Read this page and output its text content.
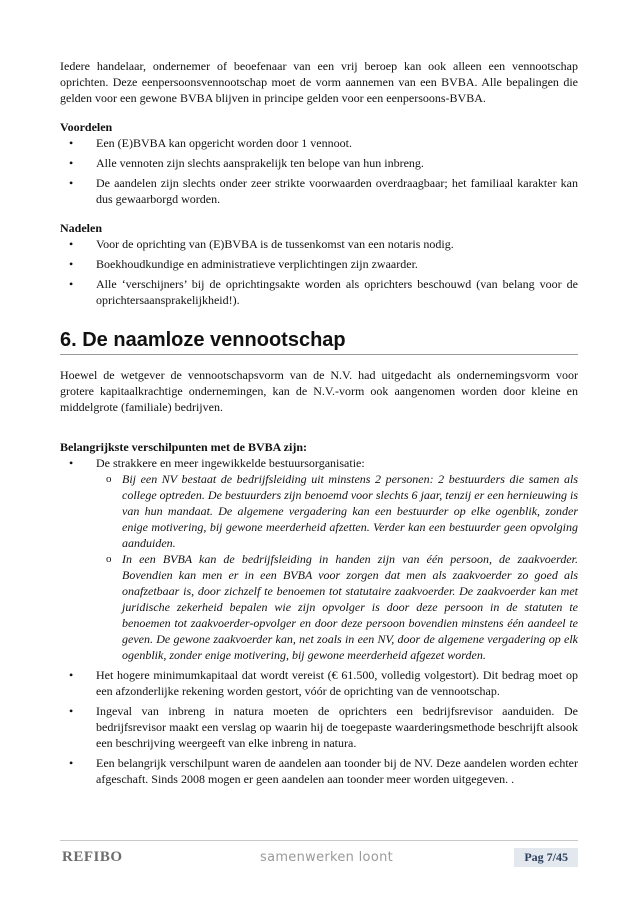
Iedere handelaar, ondernemer of beoefenaar van een vrij beroep kan ook alleen een vennootschap oprichten. Deze eenpersoonsvennootschap moet de vorm aannemen van een BVBA. Alle bepalingen die gelden voor een gewone BVBA blijven in principe gelden voor een eenpersoons-BVBA.

Voordelen

• Een (E)BVBA kan opgericht worden door 1 vennoot.
• Alle vennoten zijn slechts aansprakelijk ten belope van hun inbreng.
• De aandelen zijn slechts onder zeer strikte voorwaarden overdraagbaar; het familiaal karakter kan dus gewaarborgd worden.

Nadelen

• Voor de oprichting van (E)BVBA is de tussenkomst van een notaris nodig.
• Boekhoudkundige en administratieve verplichtingen zijn zwaarder.
• Alle ‘verschijners’ bij de oprichtingsakte worden als oprichters beschouwd (van belang voor de oprichtersaansprakelijkheid!).
6. De naamloze vennootschap

Hoewel de wetgever de vennootschapsvorm van de N.V. had uitgedacht als ondernemingsvorm voor grotere kapitaalkrachtige ondernemingen, kan de N.V.-vorm ook aangenomen worden door kleine en middelgrote (familiale) bedrijven.

Belangrijkste verschilpunten met de BVBA zijn:

• De strakkere en meer ingewikkelde bestuursorganisatie:
o Bij een NV bestaat de bedrijfsleiding uit minstens 2 personen: 2 bestuurders die samen als college optreden. De bestuurders zijn benoemd voor slechts 6 jaar, tenzij er een hernieuwing is van hun mandaat. De algemene vergadering kan een bestuurder op elke ogenblik, zonder enige motivering, bij gewone meerderheid afzetten. Verder kan een bestuurder geen opvolging aanduiden.
o In een BVBA kan de bedrijfsleiding in handen zijn van één persoon, de zaakvoerder. Bovendien kan men er in een BVBA voor zorgen dat men als zaakvoerder zo goed als onafzetbaar is, door zichzelf te benoemen tot statutaire zaakvoerder. De zaakvoerder kan met juridische zekerheid bepalen wie zijn opvolger is door deze persoon in de statuten te benoemen tot zaakvoerder-opvolger en door deze persoon bovendien minstens één aandeel te geven. De gewone zaakvoerder kan, net zoals in een NV, door de algemene vergadering op elk ogenblik, zonder enige motivering, bij gewone meerderheid afgezet worden.
• Het hogere minimumkapitaal dat wordt vereist (€ 61.500, volledig volgestort). Dit bedrag moet op een afzonderlijke rekening worden gestort, vóór de oprichting van de vennootschap.
• Ingeval van inbreng in natura moeten de oprichters een bedrijfsrevisor aanduiden. De bedrijfsrevisor maakt een verslag op waarin hij de toegepaste waarderingsmethode beschrijft alsook een beschrijving weergeeft van elke inbreng in natura.
• Een belangrijk verschilpunt waren de aandelen aan toonder bij de NV. Deze aandelen worden echter afgeschaft. Sinds 2008 mogen er geen aandelen aan toonder meer worden uitgegeven. .
REFIBO	samenwerken loont	Pag 7/45
